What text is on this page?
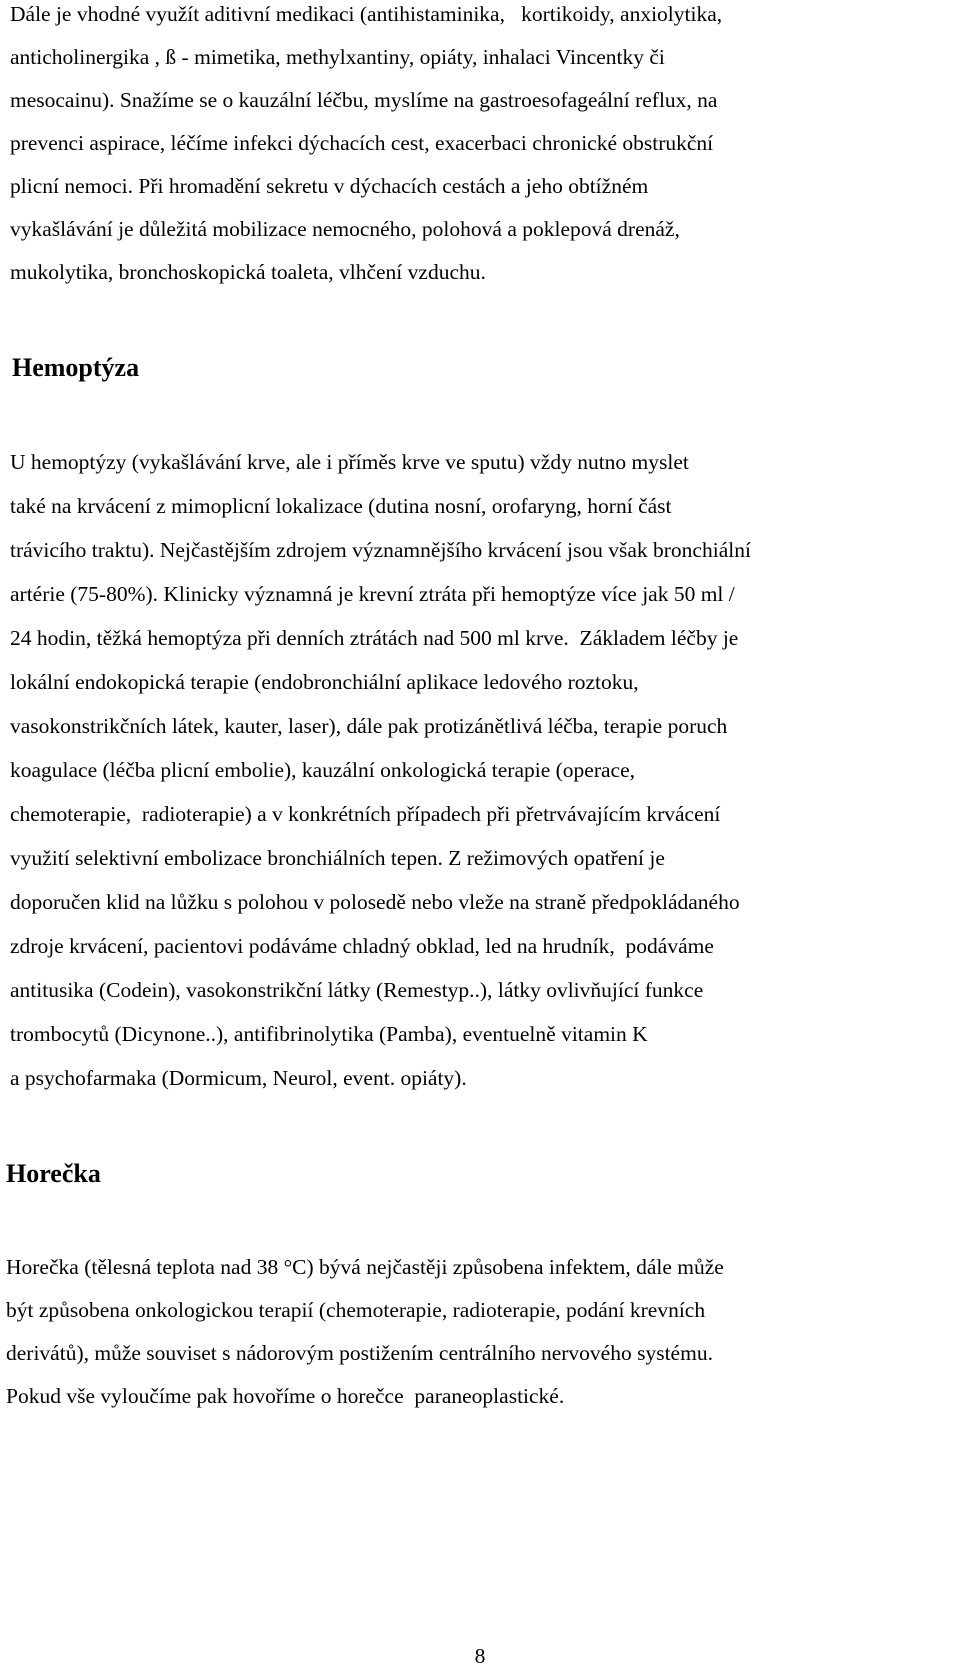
Dále je vhodné využít aditivní medikaci (antihistaminika,   kortikoidy, anxiolytika,

anticholinergika , ß - mimetika, methylxantiny, opiáty, inhalaci Vincentky či

mesocainu). Snažíme se o kauzální léčbu, myslíme na gastroesofageální reflux, na

prevenci aspirace, léčíme infekci dýchacích cest, exacerbaci chronické obstrukční

plicní nemoci. Při hromadění sekretu v dýchacích cestách a jeho obtížném

vykašlávání je důležitá mobilizace nemocného, polohová a poklepová drenáž,

mukolytika, bronchoskopická toaleta, vlhčení vzduchu.

Hemoptýza

U hemoptýzy (vykašlávání krve, ale i příměs krve ve sputu) vždy nutno myslet

také na krvácení z mimoplicní lokalizace (dutina nosní, orofaryng, horní část

trávicího traktu). Nejčastějším zdrojem významnějšího krvácení jsou však bronchiální

artérie (75-80%). Klinicky významná je krevní ztráta při hemoptýze více jak 50 ml /

24 hodin, těžká hemoptýza při denních ztrátách nad 500 ml krve.  Základem léčby je

lokální endokopická terapie (endobronchiální aplikace ledového roztoku,

vasokonstrikčních látek, kauter, laser), dále pak protizánětlivá léčba, terapie poruch

koagulace (léčba plicní embolie), kauzální onkologická terapie (operace,

chemoterapie,  radioterapie) a v konkrétních případech při přetrvávajícím krvácení

využití selektivní embolizace bronchiálních tepen. Z režimových opatření je

doporučen klid na lůžku s polohou v polosedě nebo vleže na straně předpokládaného

zdroje krvácení, pacientovi podáváme chladný obklad, led na hrudník,  podáváme

antitusika (Codein), vasokonstrikční látky (Remestyp..), látky ovlivňující funkce

trombocytů (Dicynone..), antifibrinolytika (Pamba), eventuelně vitamin K

a psychofarmaka (Dormicum, Neurol, event. opiáty).

Horečka

Horečka (tělesná teplota nad 38 °C) bývá nejčastěji způsobena infektem, dále může

být způsobena onkologickou terapií (chemoterapie, radioterapie, podání krevních

derivátů), může souviset s nádorovým postižením centrálního nervového systému.

Pokud vše vyloučíme pak hovoříme o horečce  paraneoplastické.

8
